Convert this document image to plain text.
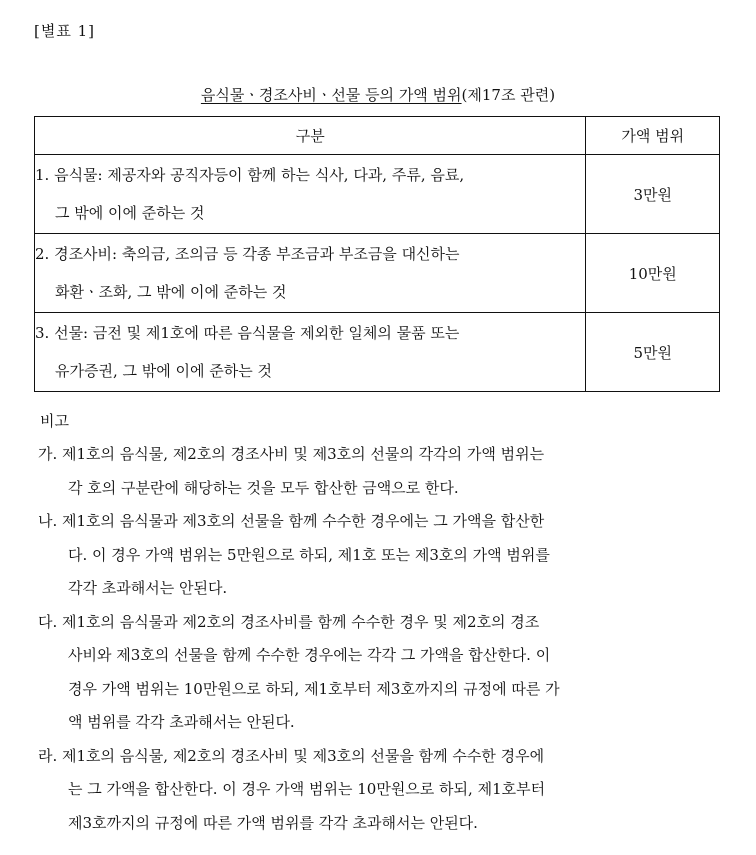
[별표 1]
음식물ㆍ경조사비ㆍ선물 등의 가액 범위(제17조 관련)
구분	가액 범위

1. 음식물: 제공자와 공직자등이 함께 하는 식사, 다과, 주류, 음료,
그 밖에 이에 준하는 것	3만원

2. 경조사비: 축의금, 조의금 등 각종 부조금과 부조금을 대신하는
화환ㆍ조화, 그 밖에 이에 준하는 것	10만원

3. 선물: 금전 및 제1호에 따른 음식물을 제외한 일체의 물품 또는
유가증권, 그 밖에 이에 준하는 것	5만원
비고
가. 제1호의 음식물, 제2호의 경조사비 및 제3호의 선물의 각각의 가액 범위는
각 호의 구분란에 해당하는 것을 모두 합산한 금액으로 한다.
나. 제1호의 음식물과 제3호의 선물을 함께 수수한 경우에는 그 가액을 합산한
다. 이 경우 가액 범위는 5만원으로 하되, 제1호 또는 제3호의 가액 범위를
각각 초과해서는 안된다.
다. 제1호의 음식물과 제2호의 경조사비를 함께 수수한 경우 및 제2호의 경조
사비와 제3호의 선물을 함께 수수한 경우에는 각각 그 가액을 합산한다. 이
경우 가액 범위는 10만원으로 하되, 제1호부터 제3호까지의 규정에 따른 가
액 범위를 각각 초과해서는 안된다.
라. 제1호의 음식물, 제2호의 경조사비 및 제3호의 선물을 함께 수수한 경우에
는 그 가액을 합산한다. 이 경우 가액 범위는 10만원으로 하되, 제1호부터
제3호까지의 규정에 따른 가액 범위를 각각 초과해서는 안된다.
